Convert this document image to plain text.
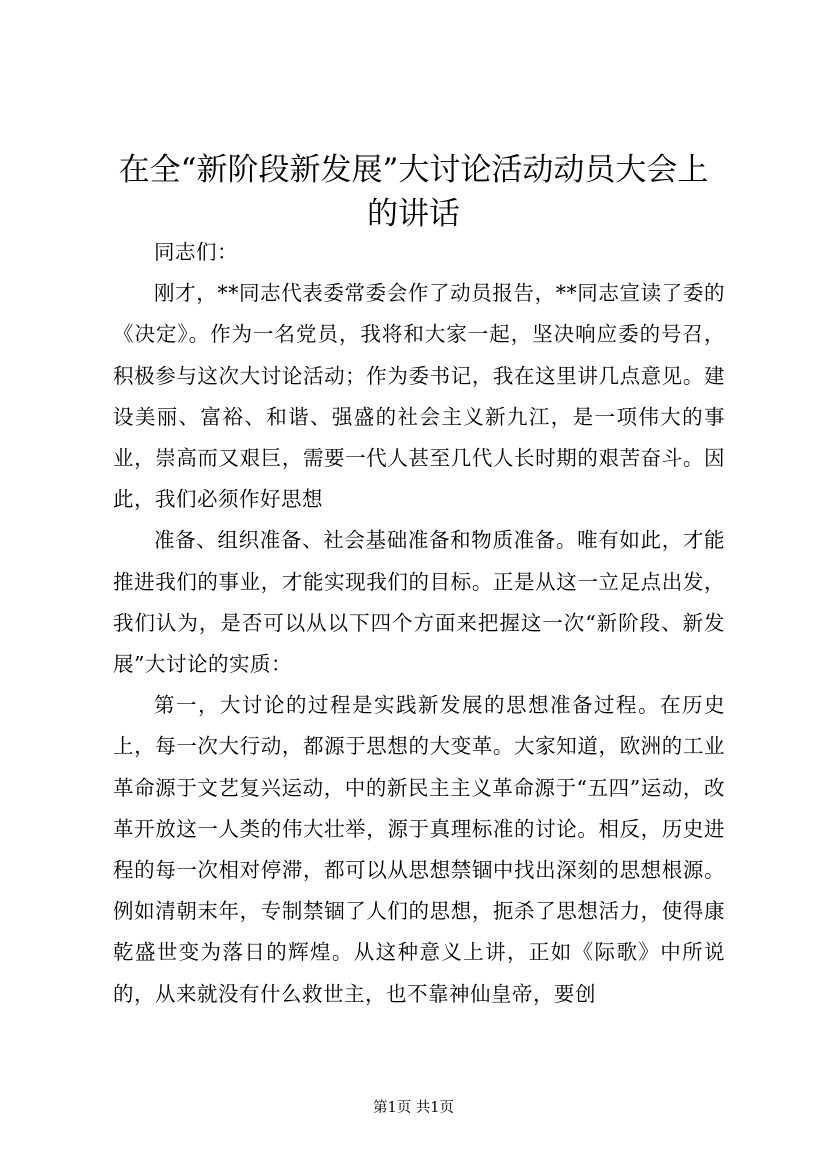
在全“新阶段新发展”大讨论活动动员大会上的讲话

同志们：

刚才，**同志代表委常委会作了动员报告，**同志宣读了委的《决定》。作为一名党员，我将和大家一起，坚决响应委的号召，积极参与这次大讨论活动；作为委书记，我在这里讲几点意见。建设美丽、富裕、和谐、强盛的社会主义新九江，是一项伟大的事业，崇高而又艰巨，需要一代人甚至几代人长时期的艰苦奋斗。因此，我们必须作好思想

准备、组织准备、社会基础准备和物质准备。唯有如此，才能推进我们的事业，才能实现我们的目标。正是从这一立足点出发，我们认为，是否可以从以下四个方面来把握这一次“新阶段、新发展”大讨论的实质：

第一，大讨论的过程是实践新发展的思想准备过程。在历史上，每一次大行动，都源于思想的大变革。大家知道，欧洲的工业革命源于文艺复兴运动，中的新民主主义革命源于“五四”运动，改革开放这一人类的伟大壮举，源于真理标准的讨论。相反，历史进程的每一次相对停滞，都可以从思想禁锢中找出深刻的思想根源。例如清朝末年，专制禁锢了人们的思想，扼杀了思想活力，使得康乾盛世变为落日的辉煌。从这种意义上讲，正如《际歌》中所说的，从来就没有什么救世主，也不靠神仙皇帝，要创

第1页 共1页
